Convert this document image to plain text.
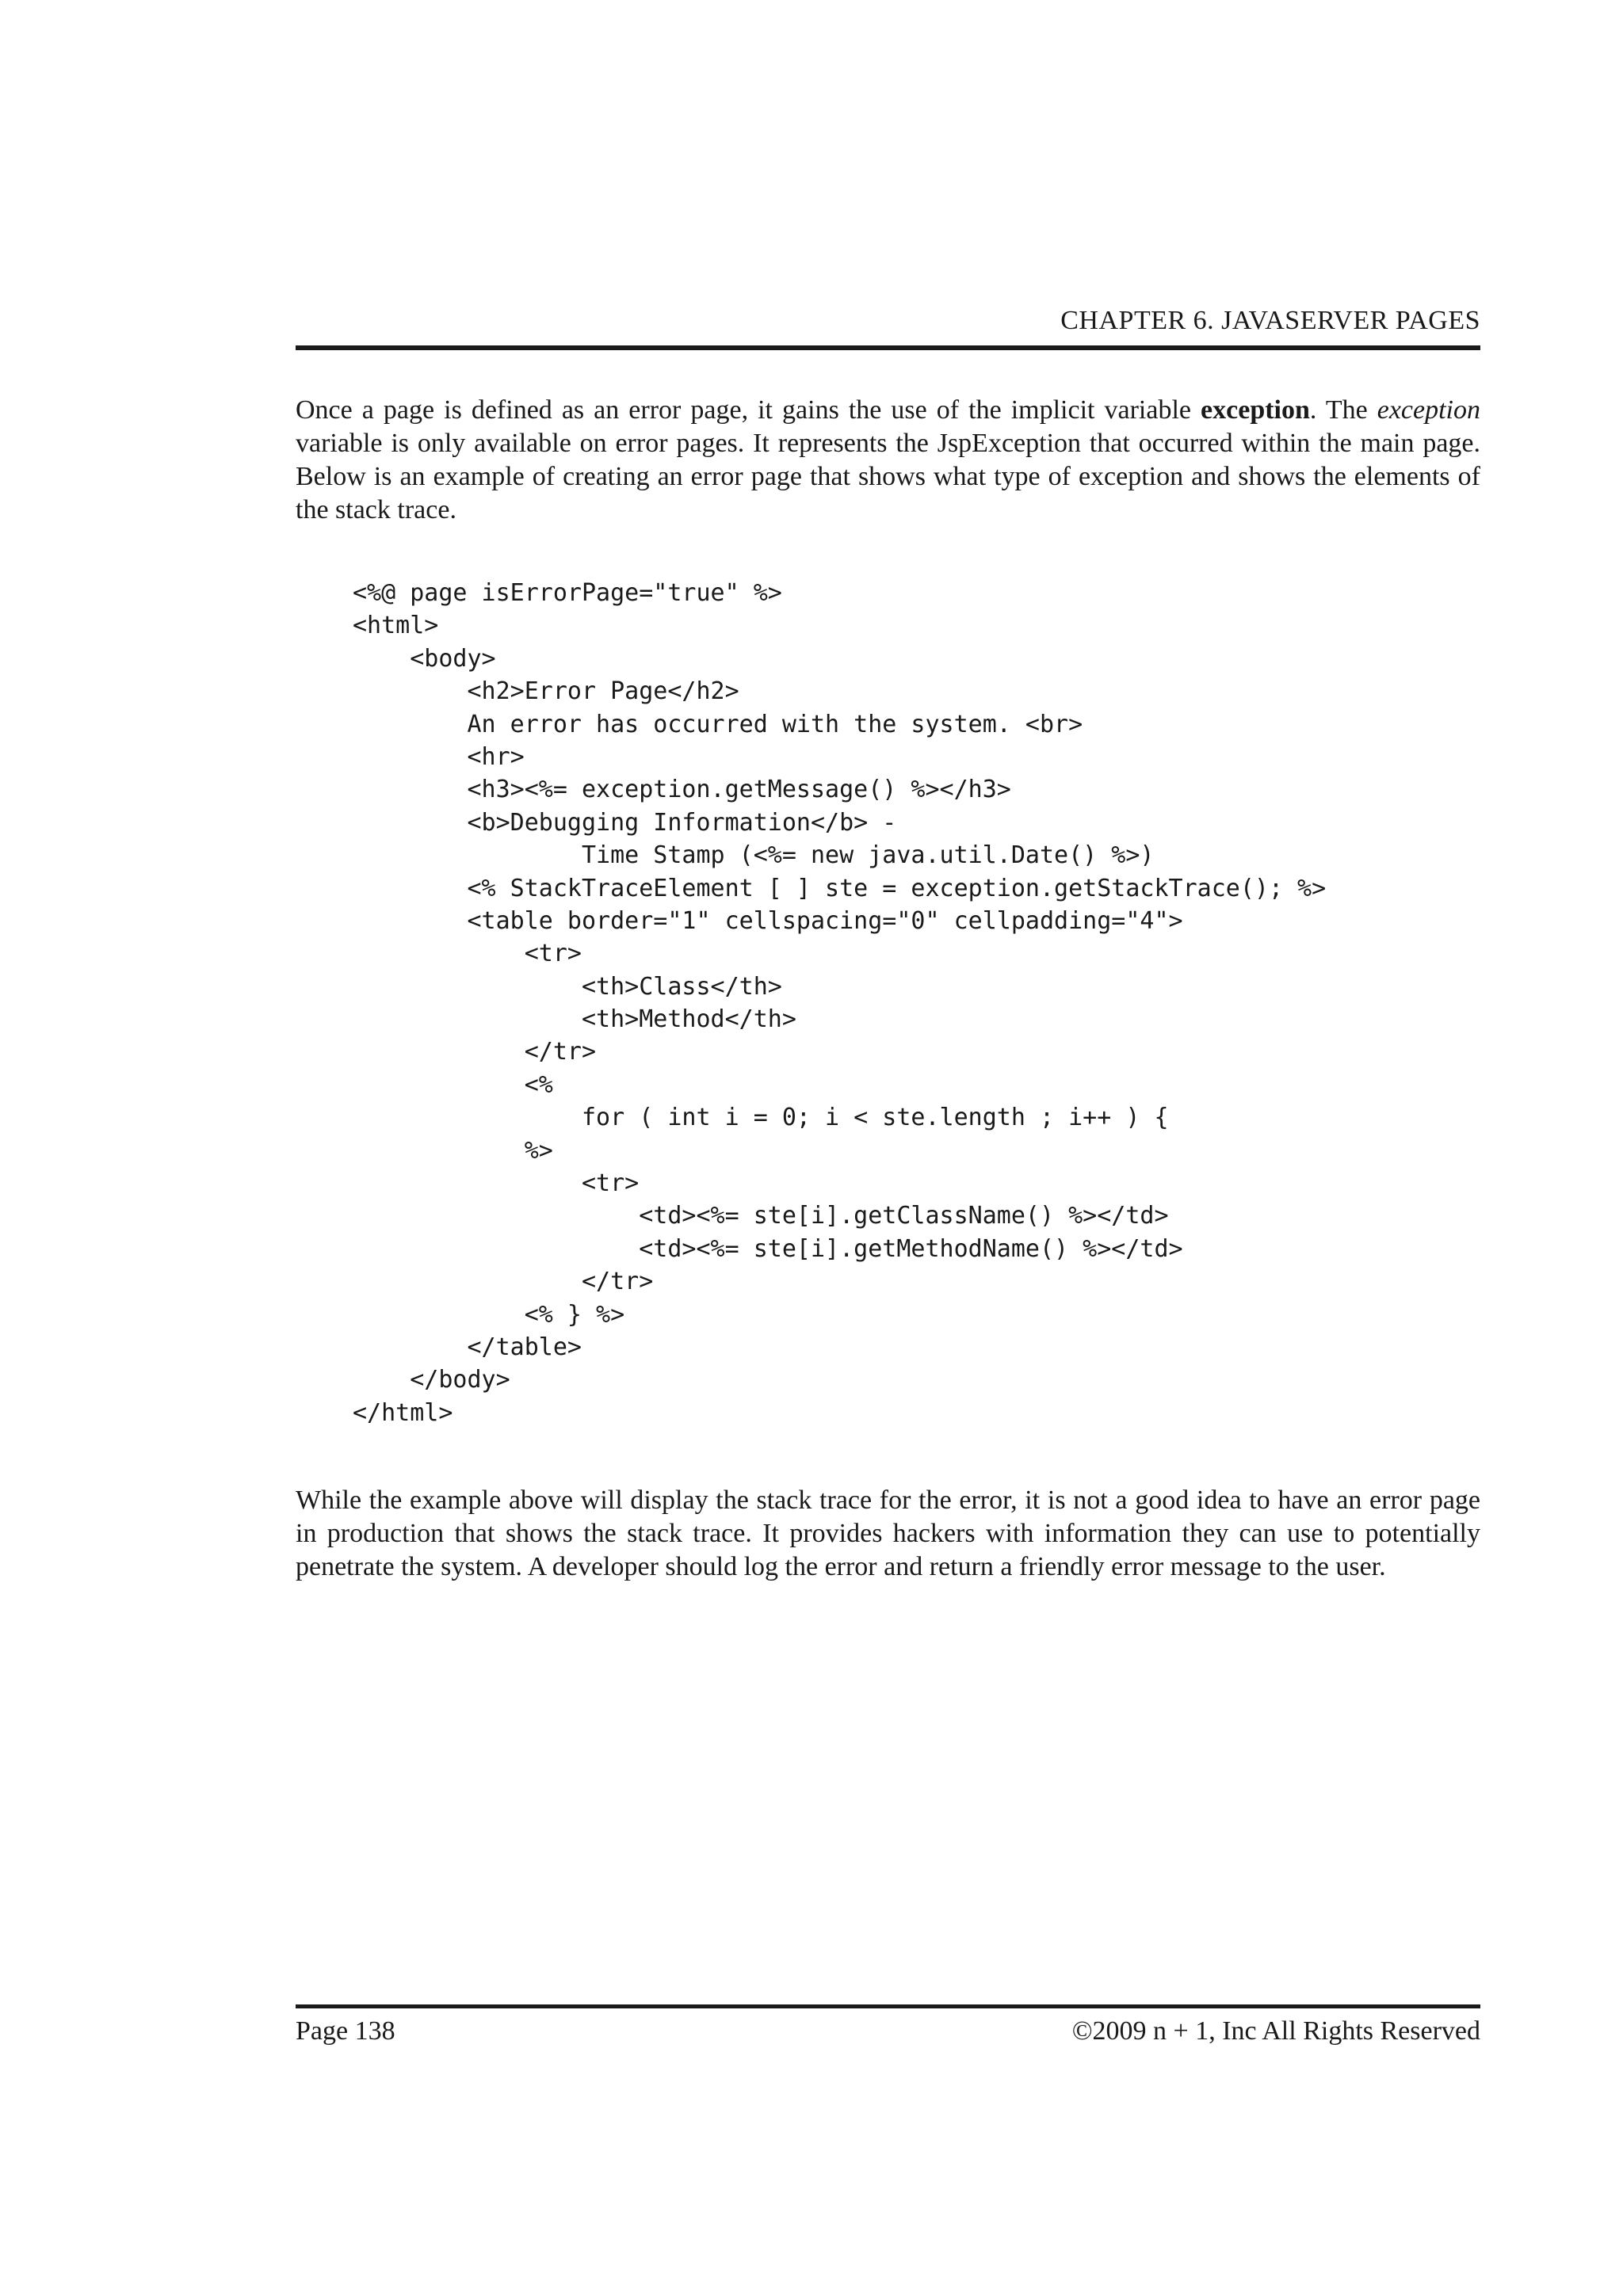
CHAPTER 6. JAVASERVER PAGES

Once a page is defined as an error page, it gains the use of the implicit variable exception. The exception variable is only available on error pages. It represents the JspException that occurred within the main page. Below is an example of creating an error page that shows what type of exception and shows the elements of the stack trace.

<%@ page isErrorPage="true" %>
<html>
<body>
<h2>Error Page</h2>
An error has occurred with the system. <br>
<hr>
<h3><%= exception.getMessage() %></h3>
<b>Debugging Information</b> -
Time Stamp (<%= new java.util.Date() %>)
<% StackTraceElement [ ] ste = exception.getStackTrace(); %>
<table border="1" cellspacing="0" cellpadding="4">
<tr>
<th>Class</th>
<th>Method</th>
</tr>
<%
for ( int i = 0; i < ste.length ; i++ ) {
%>
<tr>
<td><%= ste[i].getClassName() %></td>
<td><%= ste[i].getMethodName() %></td>
</tr>
<% } %>
</table>
</body>
</html>

While the example above will display the stack trace for the error, it is not a good idea to have an error page in production that shows the stack trace. It provides hackers with information they can use to potentially penetrate the system. A developer should log the error and return a friendly error message to the user.

Page 138	©2009 n + 1, Inc All Rights Reserved
